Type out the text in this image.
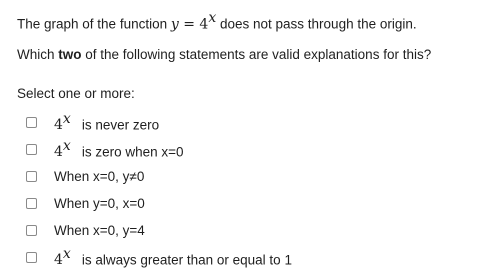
The graph of the function $y = 4^x$ does not pass through the origin.
Which two of the following statements are valid explanations for this?
Select one or more:
4$^x$ is never zero
4$^x$ is zero when x=0
When x=0, y≠0
When y=0, x=0
When x=0, y=4
4$^x$ is always greater than or equal to 1
